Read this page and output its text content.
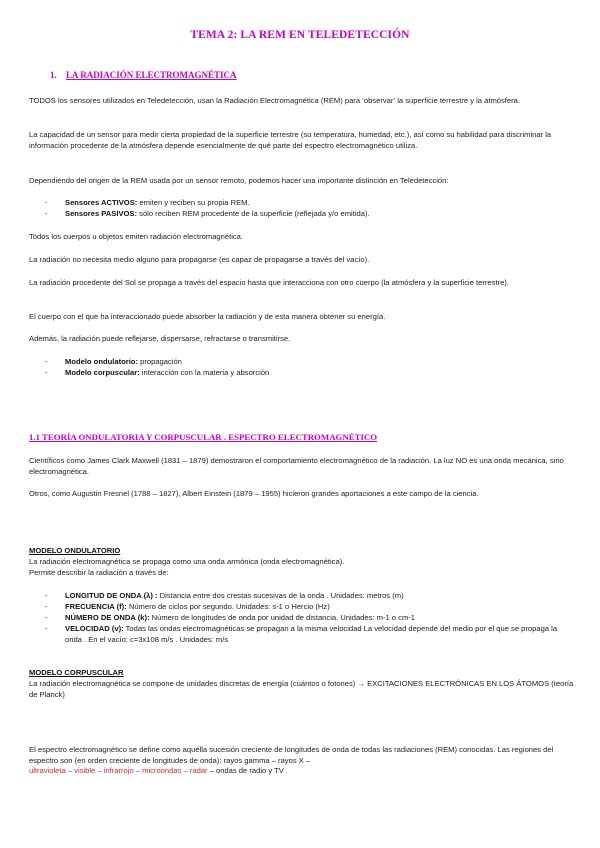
TEMA 2: LA REM EN TELEDETECCIÓN
1. LA RADIACIÓN ELECTROMAGNÉTICA

TODOS los sensores utilizados en Teledetección, usan la Radiación Electromagnética (REM) para ‘observar’ la superficie terrestre y la atmósfera.

La capacidad de un sensor para medir cierta propiedad de la superficie terrestre (su temperatura, humedad, etc.), así como su habilidad para discriminar la información procedente de la atmósfera depende esencialmente de qué parte del espectro electromagnético utiliza.

Dependiendo del origen de la REM usada por un sensor remoto, podemos hacer una importante distinción en Teledetección:

- Sensores ACTIVOS: emiten y reciben su propia REM.
- Sensores PASIVOS: sólo reciben REM procedente de la superficie (reflejada y/o emitida).

Todos los cuerpos u objetos emiten radiación electromagnética.

La radiación no necesita medio alguno para propagarse (es capaz de propagarse a través del vacío).

La radiación procedente del Sol se propaga a través del espacio hasta que interacciona con otro cuerpo (la atmósfera y la superficie terrestre).

El cuerpo con el que ha interaccionado puede absorber la radiación y de esta manera obtener su energía.

Además, la radiación puede reflejarse, dispersarse, refractarse o transmitirse.

- Modelo ondulatorio: propagación
- Modelo corpuscular: interacción con la materia y absorción
1.1 TEORÍA ONDULATORIA Y CORPUSCULAR . ESPECTRO ELECTROMAGNÉTICO

Científicos como James Clark Maxwell (1831 – 1879) demostraron el comportamiento electromagnético de la radiación. La luz NO es una onda mecánica, sino electromagnética.

Otros, como Augustin Fresnel (1788 – 1827), Albert Einstein (1879 – 1955) hicieron grandes aportaciones a este campo de la ciencia.

MODELO ONDULATORIO

La radiación electromagnética se propaga como una onda armónica (onda electromagnética).

Permite describir la radiación a través de:

- LONGITUD DE ONDA (λ) : Distancia entre dos crestas sucesivas de la onda . Unidades: metros (m)
- FRECUENCIA (f): Número de ciclos por segundo. Unidades: s-1 o Hercio (Hz)
- NÚMERO DE ONDA (k): Número de longitudes de onda por unidad de distancia. Unidades: m-1 o cm-1
- VELOCIDAD (v): Todas las ondas electromagnéticas se propagan a la misma velocidad La velocidad depende del medio por el que se propaga la onda . En el vacío: c=3x108 m/s . Unidades: m/s
MODELO CORPUSCULAR

La radiación electromagnética se compone de unidades discretas de energía (cuántos o fotones) → EXCITACIONES ELECTRÓNICAS EN LOS ÁTOMOS (teoría de Planck)

El espectro electromagnético se define como aquélla sucesión creciente de longitudes de onda de todas las radiaciones (REM) conocidas. Las regiones del espectro son (en orden creciente de longitudes de onda): rayos gamma – rayos X –
ultravioleta – visible – infrarrojo – microondas – radar – ondas de radio y TV .
